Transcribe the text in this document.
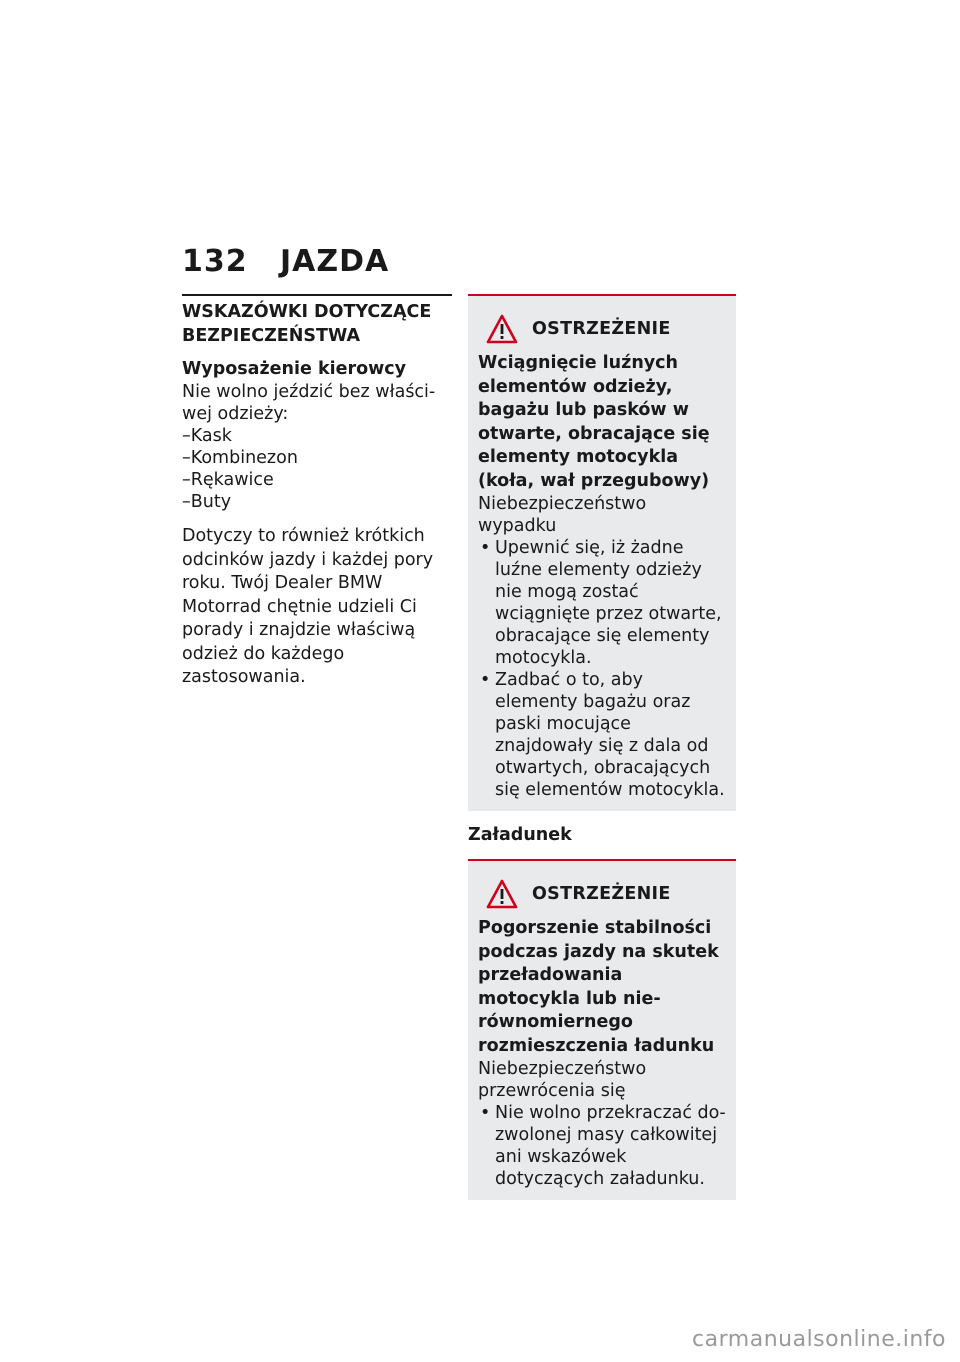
132 JAZDA
WSKAZÓWKI DOTYCZĄCE
BEZPIECZEŃSTWA
Wyposażenie kierowcy
Nie wolno jeździć bez właściwej odzieży:
– Kask
– Kombinezon
– Rękawice
– Buty
Dotyczy to również krótkich odcinków jazdy i każdej pory roku. Twój Dealer BMW Motorrad chętnie udzieli Ci porady i znajdzie właściwą odzież do każdego zastosowania.
OSTRZEŻENIE
Wciągnięcie luźnych elementów odzieży, bagażu lub pasków w otwarte, obracające się elementy motocykla (koła, wał przegubowy)
Niebezpieczeństwo wypadku
• Upewnić się, iż żadne luźne elementy odzieży nie mogą zostać wciągnięte przez otwarte, obracające się elementy motocykla.
• Zadbać o to, aby elementy bagażu oraz paski mocujące znajdowały się z dala od otwartych, obracających się elementów motocykla.
Załadunek
OSTRZEŻENIE
Pogorszenie stabilności podczas jazdy na skutek przeładowania motocykla lub nierównomiernego rozmieszczenia ładunku
Niebezpieczeństwo przewrócenia się
• Nie wolno przekraczać dozwolonej masy całkowitej ani wskazówek dotyczących załadunku.
carmanualsonline.info
